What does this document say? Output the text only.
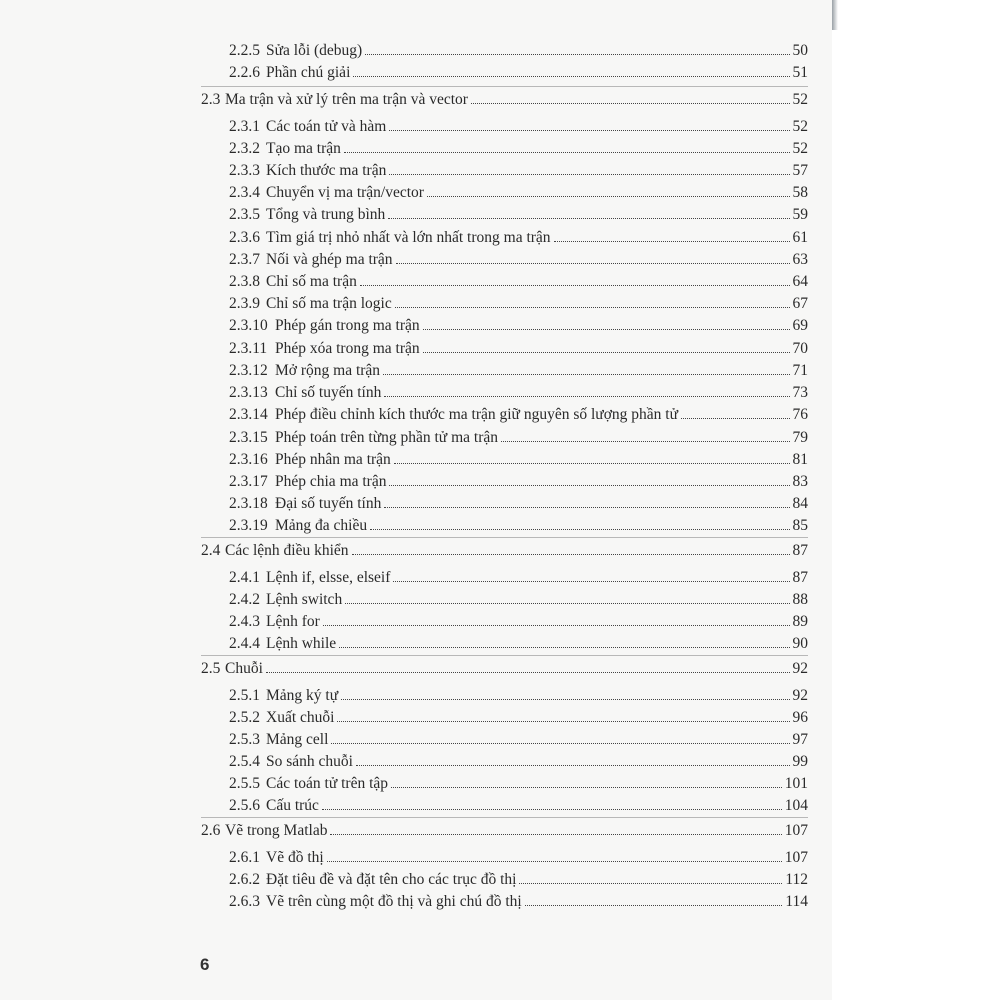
2.2.5 Sửa lỗi (debug)	50
2.2.6 Phần chú giải	51
2.3 Ma trận và xử lý trên ma trận và vector	52
2.3.1 Các toán tử và hàm	52
2.3.2 Tạo ma trận	52
2.3.3 Kích thước ma trận	57
2.3.4 Chuyển vị ma trận/vector	58
2.3.5 Tổng và trung bình	59
2.3.6 Tìm giá trị nhỏ nhất và lớn nhất trong ma trận	61
2.3.7 Nối và ghép ma trận	63
2.3.8 Chỉ số ma trận	64
2.3.9 Chỉ số ma trận logic	67
2.3.10 Phép gán trong ma trận	69
2.3.11 Phép xóa trong ma trận	70
2.3.12 Mở rộng ma trận	71
2.3.13 Chỉ số tuyến tính	73
2.3.14 Phép điều chỉnh kích thước ma trận giữ nguyên số lượng phần tử	76
2.3.15 Phép toán trên từng phần tử ma trận	79
2.3.16 Phép nhân ma trận	81
2.3.17 Phép chia ma trận	83
2.3.18 Đại số tuyến tính	84
2.3.19 Mảng đa chiều	85
2.4 Các lệnh điều khiển	87
2.4.1 Lệnh if, elsse, elseif	87
2.4.2 Lệnh switch	88
2.4.3 Lệnh for	89
2.4.4 Lệnh while	90
2.5 Chuỗi	92
2.5.1 Mảng ký tự	92
2.5.2 Xuất chuỗi	96
2.5.3 Mảng cell	97
2.5.4 So sánh chuỗi	99
2.5.5 Các toán tử trên tập	101
2.5.6 Cấu trúc	104
2.6 Vẽ trong Matlab	107
2.6.1 Vẽ đồ thị	107
2.6.2 Đặt tiêu đề và đặt tên cho các trục đồ thị	112
2.6.3 Vẽ trên cùng một đồ thị và ghi chú đồ thị	114
6
